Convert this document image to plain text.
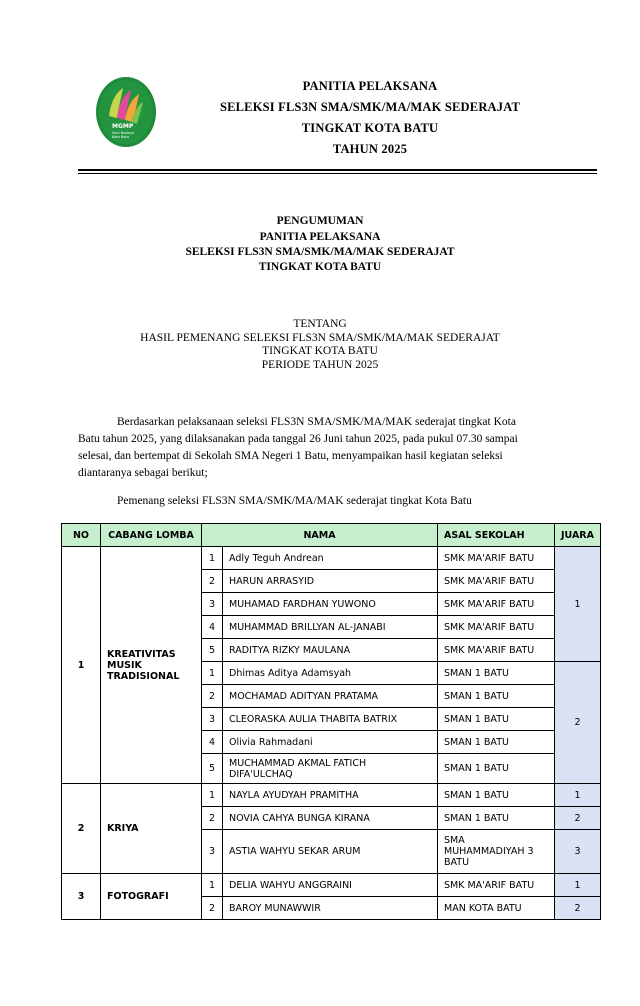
MGMP
Seni Budaya
Kota Batu
PANITIA PELAKSANA
SELEKSI FLS3N SMA/SMK/MA/MAK SEDERAJAT
TINGKAT KOTA BATU
TAHUN 2025
PENGUMUMAN
PANITIA PELAKSANA
SELEKSI FLS3N SMA/SMK/MA/MAK SEDERAJAT
TINGKAT KOTA BATU
TENTANG
HASIL PEMENANG SELEKSI FLS3N SMA/SMK/MA/MAK SEDERAJAT
TINGKAT KOTA BATU
PERIODE TAHUN 2025
Berdasarkan pelaksanaan seleksi FLS3N SMA/SMK/MA/MAK sederajat tingkat Kota Batu tahun 2025, yang dilaksanakan pada tanggal 26 Juni tahun 2025, pada pukul 07.30 sampai selesai, dan bertempat di Sekolah SMA Negeri 1 Batu, menyampaikan hasil kegiatan seleksi diantaranya sebagai berikut;
Pemenang seleksi FLS3N SMA/SMK/MA/MAK sederajat tingkat Kota Batu
NO	CABANG LOMBA	NAMA		ASAL SEKOLAH	JUARA
1	KREATIVITAS MUSIK TRADISIONAL	1	Adly Teguh Andrean	SMK MA'ARIF BATU	1
		2	HARUN ARRASYID	SMK MA'ARIF BATU	
		3	MUHAMAD FARDHAN YUWONO	SMK MA'ARIF BATU	
		4	MUHAMMAD BRILLYAN AL-JANABI	SMK MA'ARIF BATU	
		5	RADITYA RIZKY MAULANA	SMK MA'ARIF BATU	
		1	Dhimas Aditya Adamsyah	SMAN 1 BATU	2
		2	MOCHAMAD ADITYAN PRATAMA	SMAN 1 BATU	
		3	CLEORASKA AULIA THABITA BATRIX	SMAN 1 BATU	
		4	Olivia Rahmadani	SMAN 1 BATU	
		5	MUCHAMMAD AKMAL FATICH DIFA'ULCHAQ	SMAN 1 BATU	
2	KRIYA	1	NAYLA AYUDYAH PRAMITHA	SMAN 1 BATU	1
		2	NOVIA CAHYA BUNGA KIRANA	SMAN 1 BATU	2
		3	ASTIA WAHYU SEKAR ARUM	SMA MUHAMMADIYAH 3 BATU	3
3	FOTOGRAFI	1	DELIA WAHYU ANGGRAINI	SMK MA'ARIF BATU	1
		2	BAROY MUNAWWIR	MAN KOTA BATU	2
